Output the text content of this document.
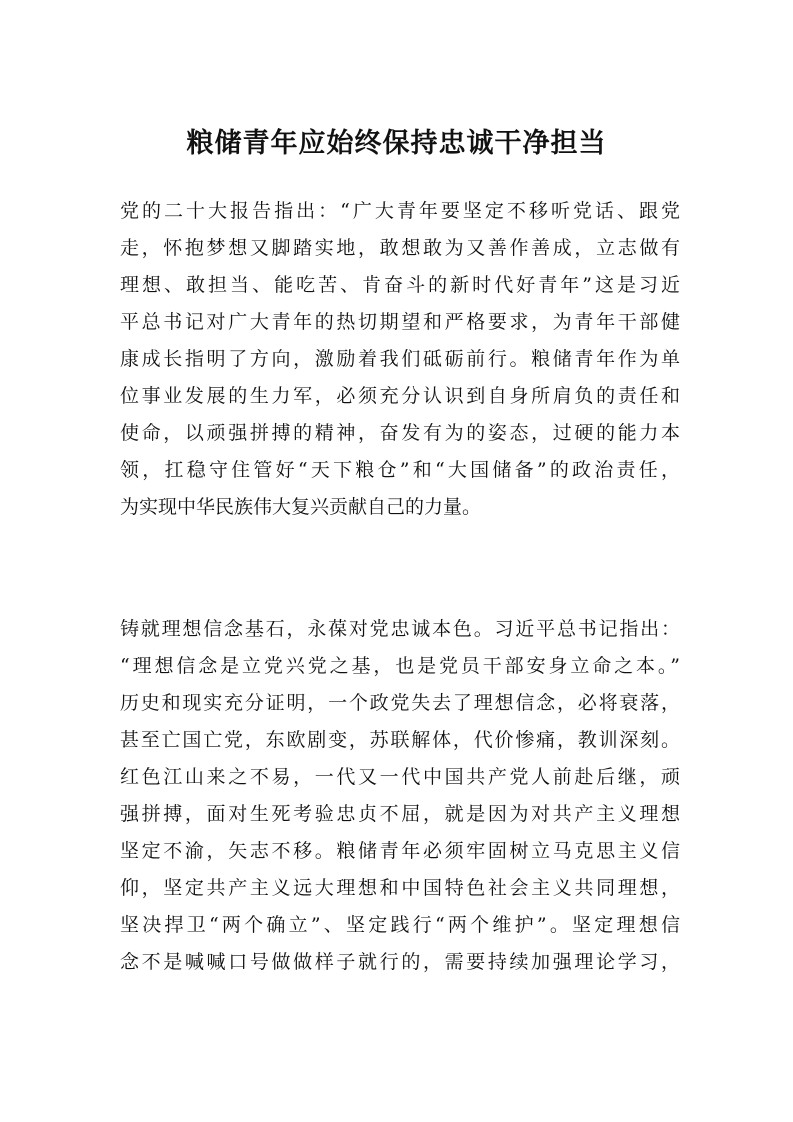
粮储青年应始终保持忠诚干净担当
党的二十大报告指出：“广大青年要坚定不移听党话、跟党
走，怀抱梦想又脚踏实地，敢想敢为又善作善成，立志做有
理想、敢担当、能吃苦、肯奋斗的新时代好青年”这是习近
平总书记对广大青年的热切期望和严格要求，为青年干部健
康成长指明了方向，激励着我们砥砺前行。粮储青年作为单
位事业发展的生力军，必须充分认识到自身所肩负的责任和
使命，以顽强拼搏的精神，奋发有为的姿态，过硬的能力本
领，扛稳守住管好“天下粮仓”和“大国储备”的政治责任，
为实现中华民族伟大复兴贡献自己的力量。
铸就理想信念基石，永葆对党忠诚本色。习近平总书记指出：
“理想信念是立党兴党之基，也是党员干部安身立命之本。”
历史和现实充分证明，一个政党失去了理想信念，必将衰落，
甚至亡国亡党，东欧剧变，苏联解体，代价惨痛，教训深刻。
红色江山来之不易，一代又一代中国共产党人前赴后继，顽
强拼搏，面对生死考验忠贞不屈，就是因为对共产主义理想
坚定不渝，矢志不移。粮储青年必须牢固树立马克思主义信
仰，坚定共产主义远大理想和中国特色社会主义共同理想，
坚决捍卫“两个确立”、坚定践行“两个维护”。坚定理想信
念不是喊喊口号做做样子就行的，需要持续加强理论学习，
